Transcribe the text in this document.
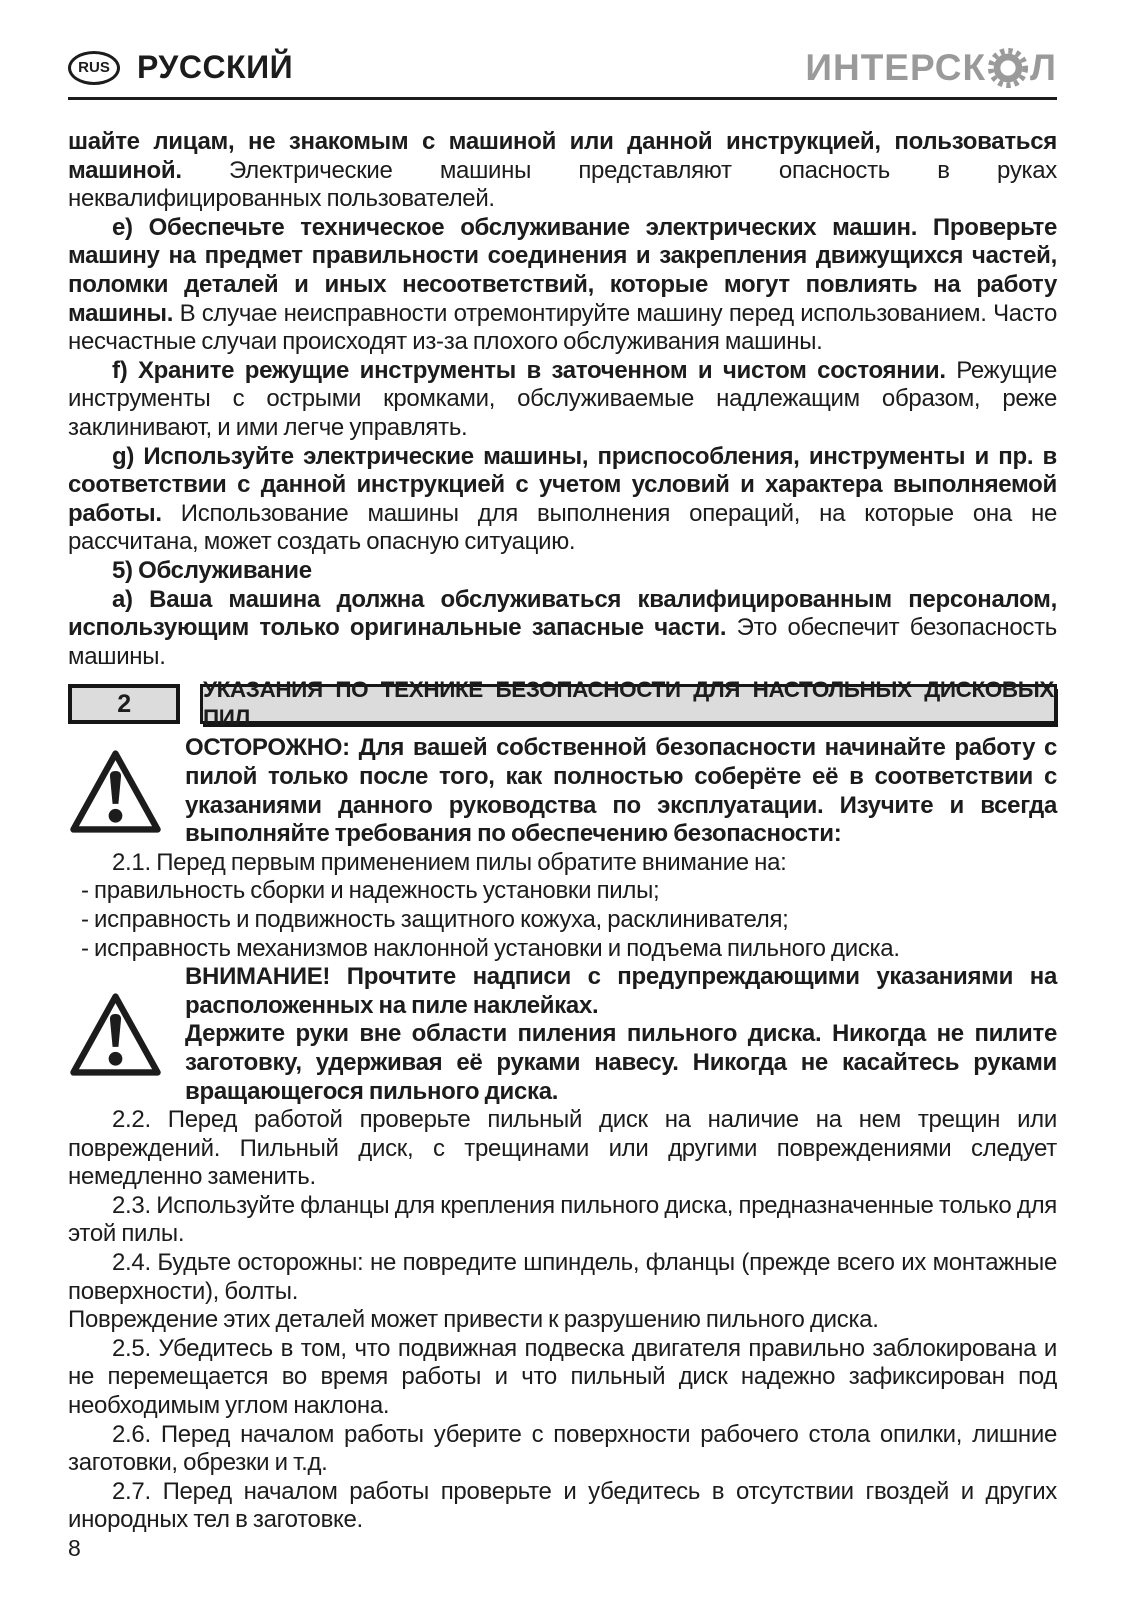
RUS РУССКИЙ	ИНТЕРСК Л

шайте лицам, не знакомым с машиной или данной инструкцией, пользоваться машиной. Электрические машины представляют опасность в руках неквалифицированных пользователей.

е) Обеспечьте техническое обслуживание электрических машин. Проверьте машину на предмет правильности соединения и закрепления движущихся частей, поломки деталей и иных несоответствий, которые могут повлиять на работу машины. В случае неисправности отремонтируйте машину перед использованием. Часто несчастные случаи происходят из-за плохого обслуживания машины.

f) Храните режущие инструменты в заточенном и чистом состоянии. Режущие инструменты с острыми кромками, обслуживаемые надлежащим образом, реже заклинивают, и ими легче управлять.

g) Используйте электрические машины, приспособления, инструменты и пр. в соответствии с данной инструкцией с учетом условий и характера выполняемой работы. Использование машины для выполнения операций, на которые она не рассчитана, может создать опасную ситуацию.

5) Обслуживание

а) Ваша машина должна обслуживаться квалифицированным персоналом, использующим только оригинальные запасные части. Это обеспечит безопасность машины.

2
УКАЗАНИЯ ПО ТЕХНИКЕ БЕЗОПАСНОСТИ ДЛЯ НАСТОЛЬНЫХ ДИСКОВЫХ ПИЛ

ОСТОРОЖНО: Для вашей собственной безопасности начинайте работу с пилой только после того, как полностью соберёте её в соответствии с указаниями данного руководства по эксплуатации. Изучите и всегда выполняйте требования по обеспечению безопасности:

2.1. Перед первым применением пилы обратите внимание на:

- правильность сборки и надежность установки пилы;

- исправность и подвижность защитного кожуха, расклинивателя;

- исправность механизмов наклонной установки и подъема пильного диска.

ВНИМАНИЕ! Прочтите надписи с предупреждающими указаниями на расположенных на пиле наклейках.

Держите руки вне области пиления пильного диска. Никогда не пилите заготовку, удерживая её руками навесу. Никогда не касайтесь руками вращающегося пильного диска.

2.2. Перед работой проверьте пильный диск на наличие на нем трещин или повреждений. Пильный диск, с трещинами или другими повреждениями следует немедленно заменить.

2.3. Используйте фланцы для крепления пильного диска, предназначенные только для этой пилы.

2.4. Будьте осторожны: не повредите шпиндель, фланцы (прежде всего их монтажные поверхности), болты.

Повреждение этих деталей может привести к разрушению пильного диска.

2.5. Убедитесь в том, что подвижная подвеска двигателя правильно заблокирована и не перемещается во время работы и что пильный диск надежно зафиксирован под необходимым углом наклона.

2.6. Перед началом работы уберите с поверхности рабочего стола опилки, лишние заготовки, обрезки и т.д.

2.7. Перед началом работы проверьте и убедитесь в отсутствии гвоздей и других инородных тел в заготовке.

8
